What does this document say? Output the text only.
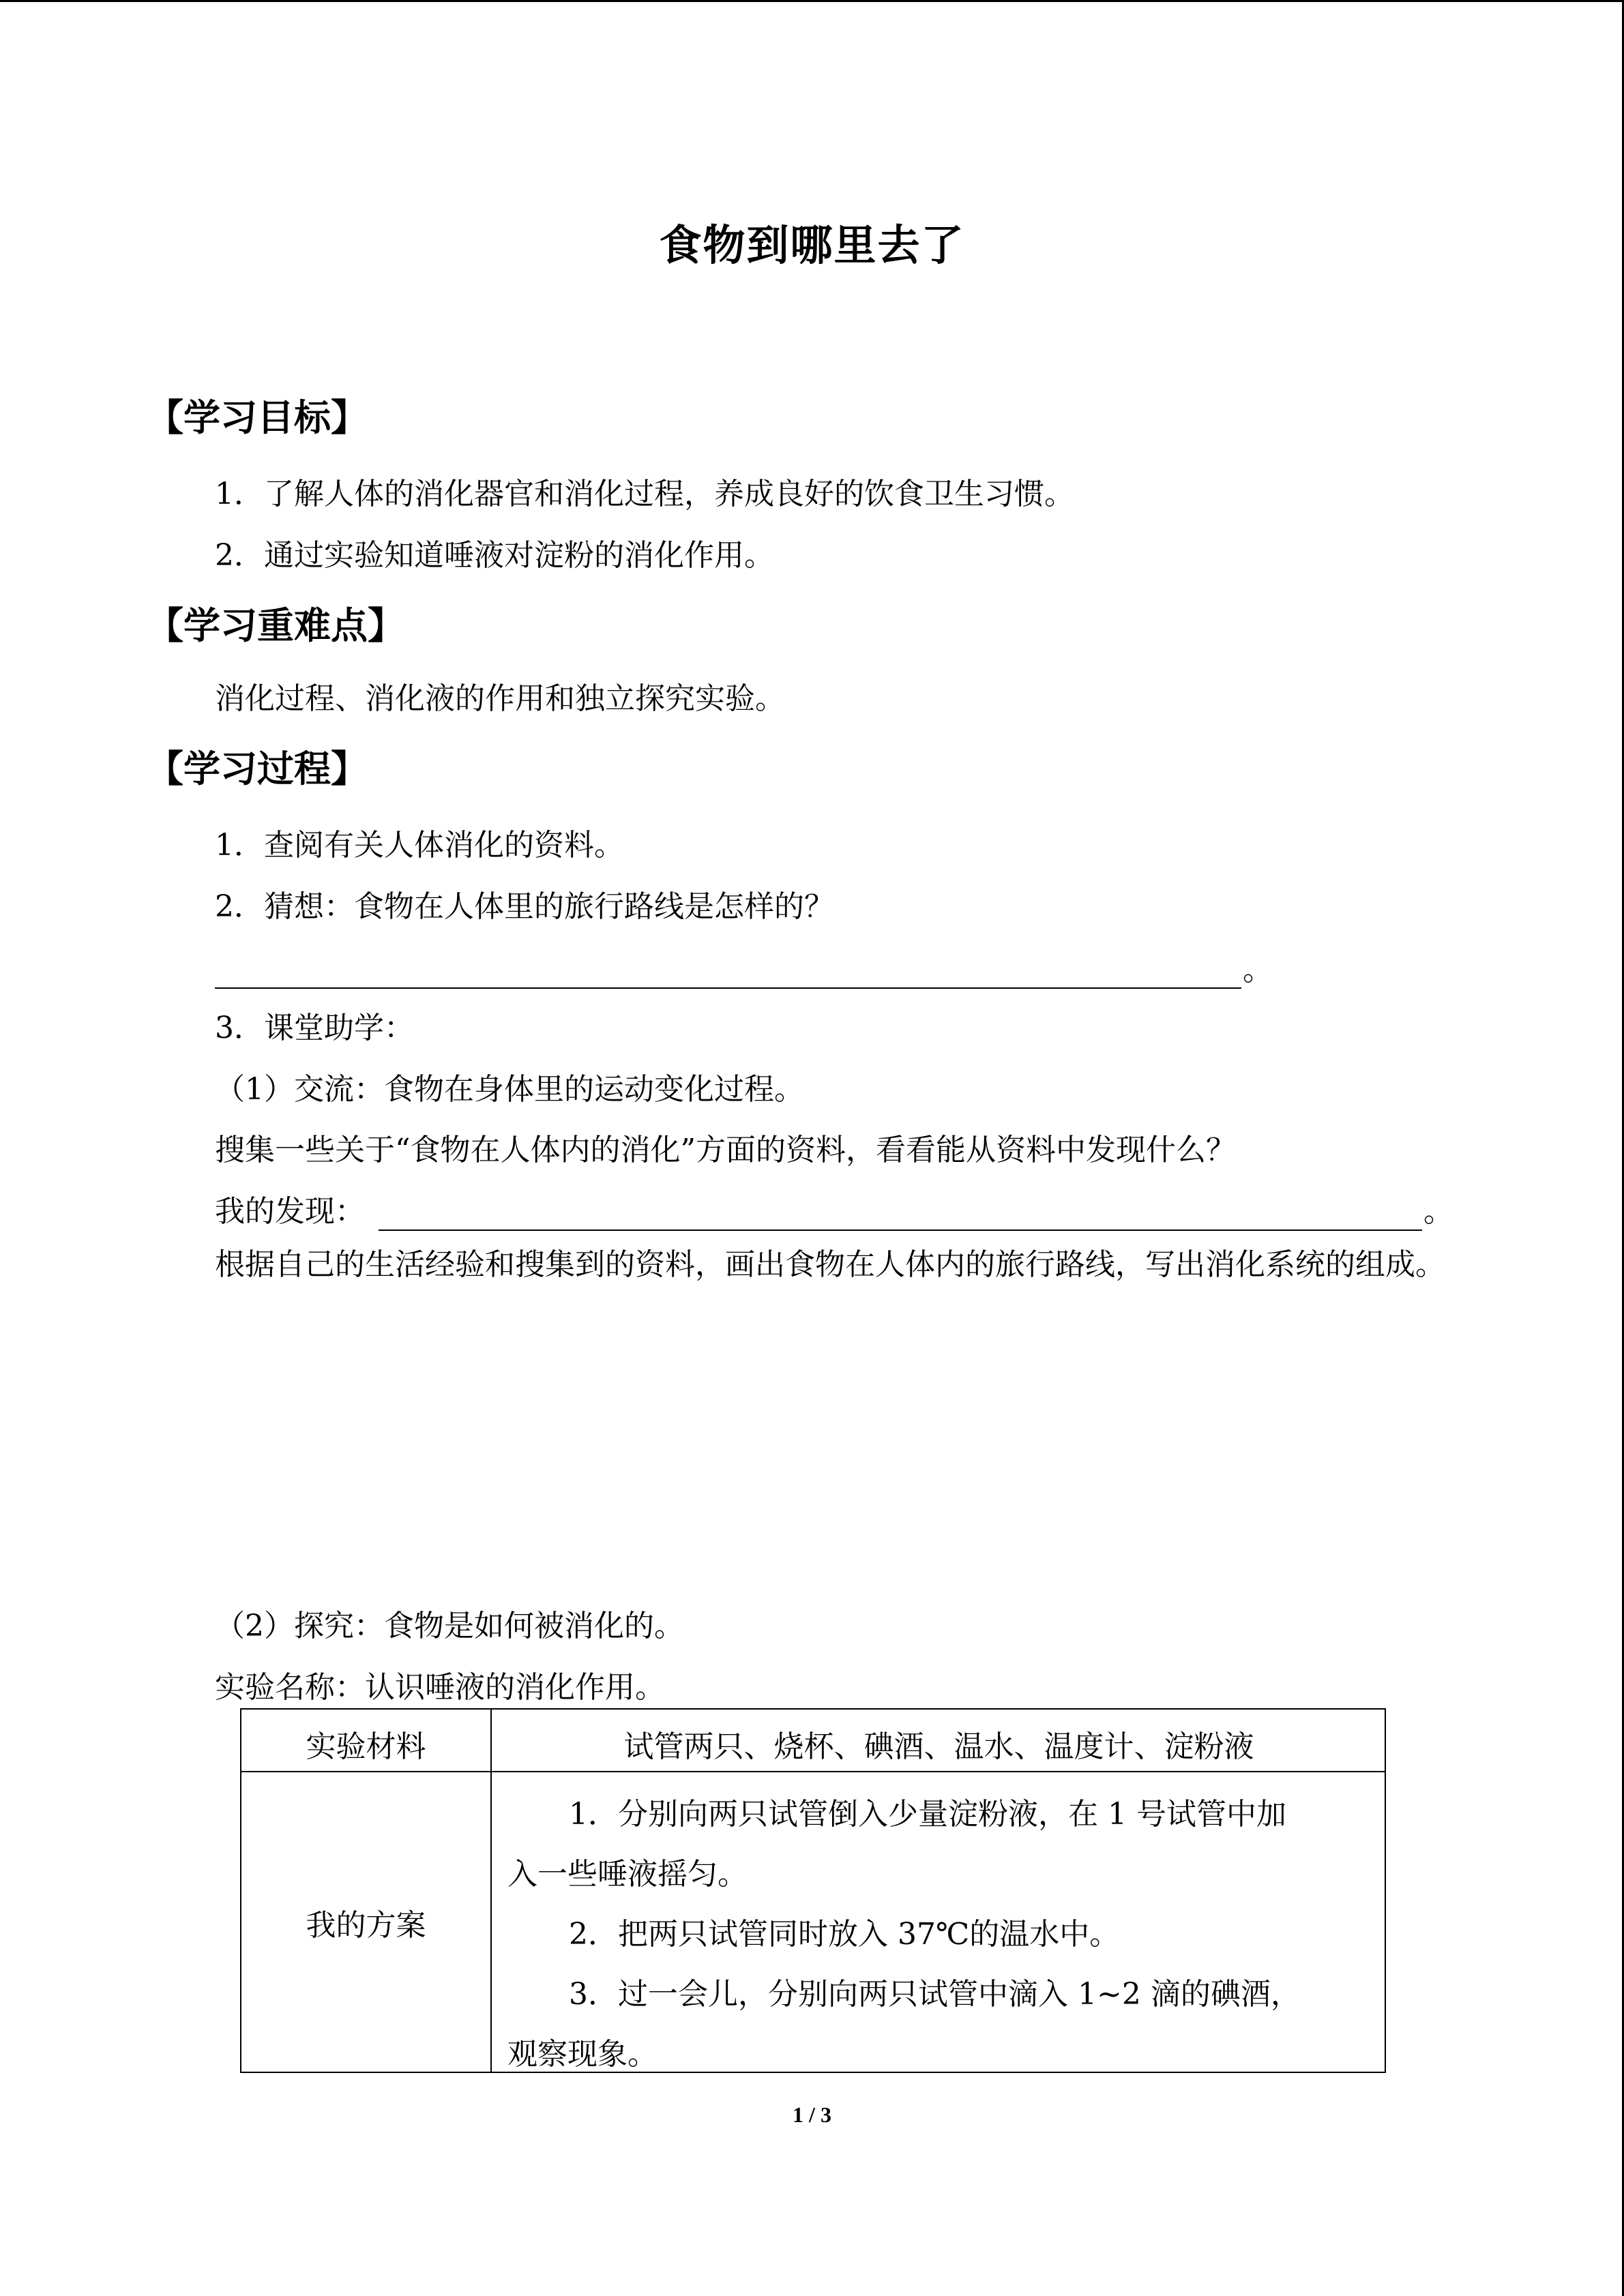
食物到哪里去了
【学习目标】
1．了解人体的消化器官和消化过程，养成良好的饮食卫生习惯。
2．通过实验知道唾液对淀粉的消化作用。
【学习重难点】
消化过程、消化液的作用和独立探究实验。
【学习过程】
1．查阅有关人体消化的资料。
2．猜想：食物在人体里的旅行路线是怎样的？
。
3．课堂助学：
（1）交流：食物在身体里的运动变化过程。
搜集一些关于“食物在人体内的消化”方面的资料，看看能从资料中发现什么？
我的发现：	。
根据自己的生活经验和搜集到的资料，画出食物在人体内的旅行路线，写出消化系统的组成。
（2）探究：食物是如何被消化的。
实验名称：认识唾液的消化作用。
实验材料	试管两只、烧杯、碘酒、温水、温度计、淀粉液
我的方案
1．分别向两只试管倒入少量淀粉液，在 1 号试管中加
入一些唾液摇匀。
2．把两只试管同时放入 37℃的温水中。
3．过一会儿，分别向两只试管中滴入 1~2 滴的碘酒，
观察现象。
1 / 3
